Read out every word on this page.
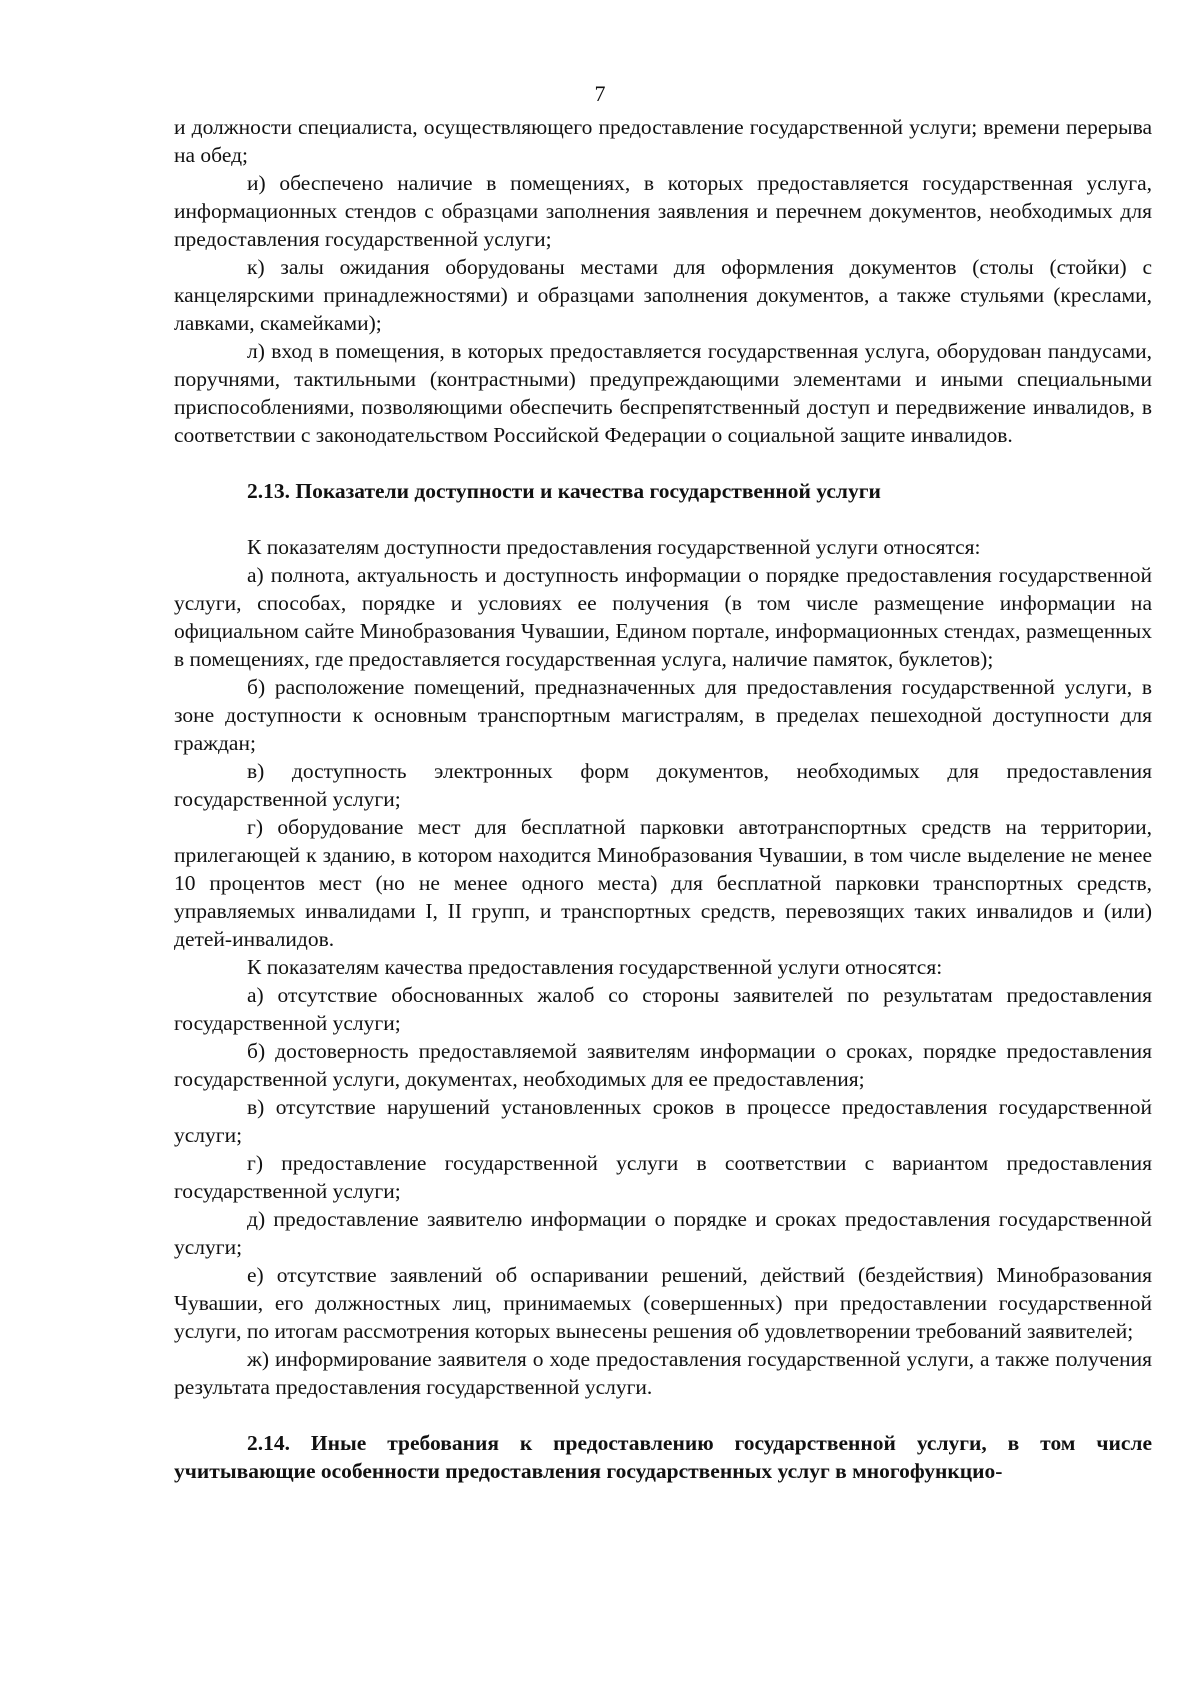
7

и должности специалиста, осуществляющего предоставление государственной услуги; времени перерыва на обед;

и) обеспечено наличие в помещениях, в которых предоставляется государственная услуга, информационных стендов с образцами заполнения заявления и перечнем документов, необходимых для предоставления государственной услуги;

к) залы ожидания оборудованы местами для оформления документов (столы (стойки) с канцелярскими принадлежностями) и образцами заполнения документов, а также стульями (креслами, лавками, скамейками);

л) вход в помещения, в которых предоставляется государственная услуга, оборудован пандусами, поручнями, тактильными (контрастными) предупреждающими элементами и иными специальными приспособлениями, позволяющими обеспечить беспрепятственный доступ и передвижение инвалидов, в соответствии с законодательством Российской Федерации о социальной защите инвалидов.

2.13. Показатели доступности и качества государственной услуги

К показателям доступности предоставления государственной услуги относятся:

а) полнота, актуальность и доступность информации о порядке предоставления государственной услуги, способах, порядке и условиях ее получения (в том числе размещение информации на официальном сайте Минобразования Чувашии, Едином портале, информационных стендах, размещенных в помещениях, где предоставляется государственная услуга, наличие памяток, буклетов);

б) расположение помещений, предназначенных для предоставления государственной услуги, в зоне доступности к основным транспортным магистралям, в пределах пешеходной доступности для граждан;

в) доступность электронных форм документов, необходимых для предоставления государственной услуги;

г) оборудование мест для бесплатной парковки автотранспортных средств на территории, прилегающей к зданию, в котором находится Минобразования Чувашии, в том числе выделение не менее 10 процентов мест (но не менее одного места) для бесплатной парковки транспортных средств, управляемых инвалидами I, II групп, и транспортных средств, перевозящих таких инвалидов и (или) детей-инвалидов.

К показателям качества предоставления государственной услуги относятся:

а) отсутствие обоснованных жалоб со стороны заявителей по результатам предоставления государственной услуги;

б) достоверность предоставляемой заявителям информации о сроках, порядке предоставления государственной услуги, документах, необходимых для ее предоставления;

в) отсутствие нарушений установленных сроков в процессе предоставления государственной услуги;

г) предоставление государственной услуги в соответствии с вариантом предоставления государственной услуги;

д) предоставление заявителю информации о порядке и сроках предоставления государственной услуги;

е) отсутствие заявлений об оспаривании решений, действий (бездействия) Минобразования Чувашии, его должностных лиц, принимаемых (совершенных) при предоставлении государственной услуги, по итогам рассмотрения которых вынесены решения об удовлетворении требований заявителей;

ж) информирование заявителя о ходе предоставления государственной услуги, а также получения результата предоставления государственной услуги.

2.14. Иные требования к предоставлению государственной услуги, в том числе учитывающие особенности предоставления государственных услуг в многофункцио-
